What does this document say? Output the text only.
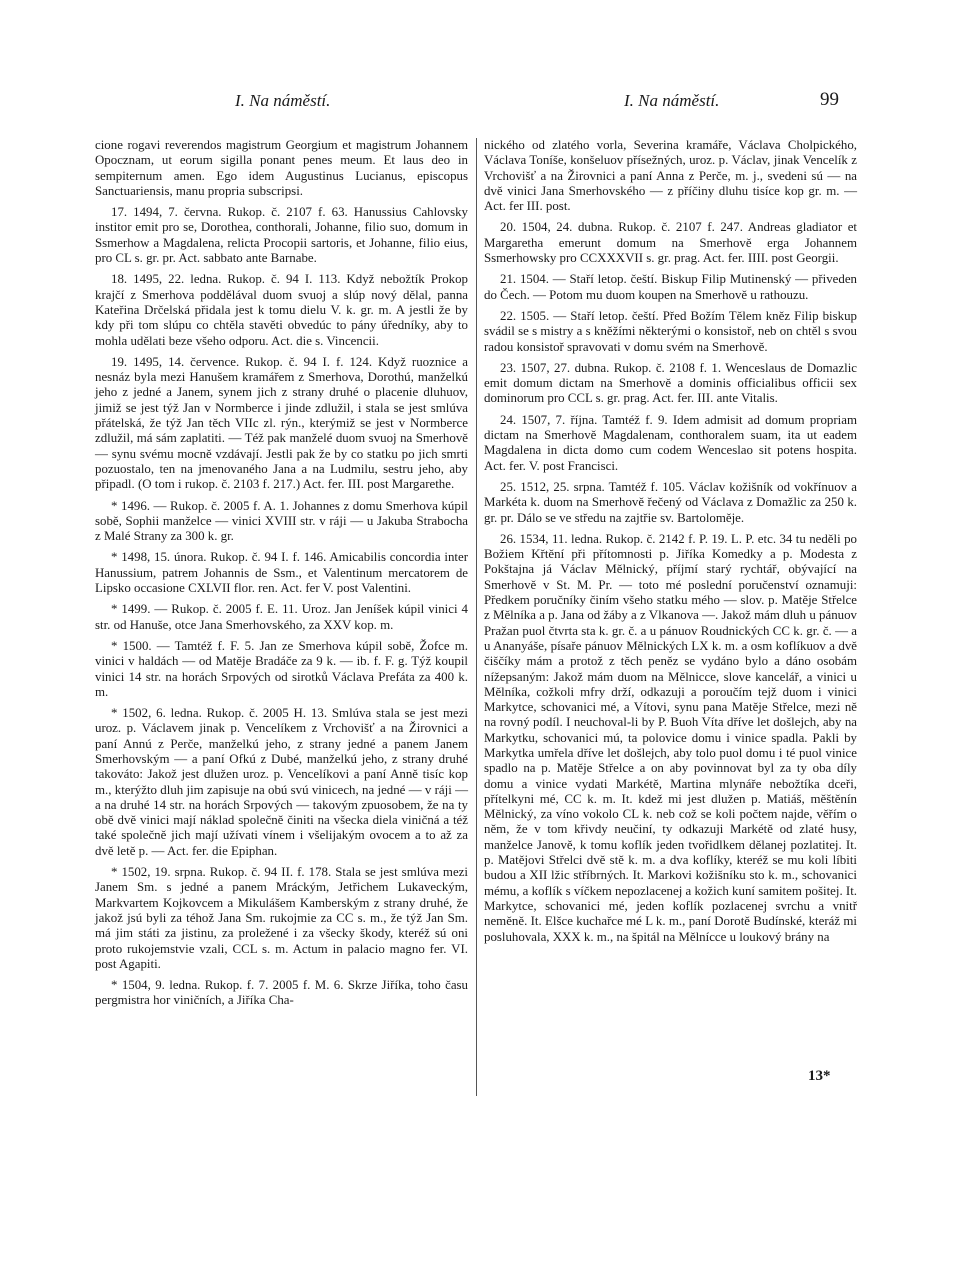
I. Na náměstí.	I. Na náměstí.	99

cione rogavi reverendos magistrum Georgium et magistrum Johannem Opocznam, ut eorum sigilla ponant penes meum. Et laus deo in sempiternum amen. Ego idem Augustinus Lucianus, episcopus Sanctuariensis, manu propria subscripsi.

17. 1494, 7. června. Rukop. č. 2107 f. 63. Hanussius Cahlovsky institor emit pro se, Dorothea, conthorali, Johanne, filio suo, domum in Ssmerhow a Magdalena, relicta Procopii sartoris, et Johanne, filio eius, pro CL s. gr. pr. Act. sabbato ante Barnabe.

18. 1495, 22. ledna. Rukop. č. 94 I. 113. Když nebožtík Prokop krajčí z Smerhova poddělával duom svuoj a slúp nový dělal, panna Kateřina Drčelská přidala jest k tomu dielu V. k. gr. m. A jestli že by kdy při tom slúpu co chtěla stavěti obvedúc to pány úředníky, aby to mohla udělati beze všeho odporu. Act. die s. Vincencii.

19. 1495, 14. července. Rukop. č. 94 I. f. 124. Když ruoznice a nesnáz byla mezi Hanušem kramářem z Smerhova, Dorothú, manželkú jeho z jedné a Janem, synem jich z strany druhé o placenie dluhuov, jimiž se jest týž Jan v Normberce i jinde zdlužil, i stala se jest smlúva přátelská, že týž Jan těch VIIc zl. rýn., kterýmiž se jest v Normberce zdlužil, má sám zaplatiti. — Též pak manželé duom svuoj na Smerhově — synu svému mocně vzdávají. Jestli pak že by co statku po jich smrti pozuostalo, ten na jmenovaného Jana a na Ludmilu, sestru jeho, aby připadl. (O tom i rukop. č. 2103 f. 217.) Act. fer. III. post Margarethe.

* 1496. — Rukop. č. 2005 f. A. 1. Johannes z domu Smerhova kúpil sobě, Sophii manželce — vinici XVIII str. v ráji — u Jakuba Strabocha z Malé Strany za 300 k. gr.

* 1498, 15. února. Rukop. č. 94 I. f. 146. Amicabilis concordia inter Hanussium, patrem Johannis de Ssm., et Valentinum mercatorem de Lipsko occasione CXLVII flor. ren. Act. fer V. post Valentini.

* 1499. — Rukop. č. 2005 f. E. 11. Uroz. Jan Jeníšek kúpil vinici 4 str. od Hanuše, otce Jana Smerhovského, za XXV kop. m.

* 1500. — Tamtéž f. F. 5. Jan ze Smerhova kúpil sobě, Žofce m. vinici v haldách — od Matěje Bradáče za 9 k. — ib. f. F. g. Týž koupil vinici 14 str. na horách Srpových od sirotků Václava Prefáta za 400 k. m.

* 1502, 6. ledna. Rukop. č. 2005 H. 13. Smlúva stala se jest mezi uroz. p. Václavem jinak p. Vencelíkem z Vrchovišť a na Žirovnici a paní Annú z Perče, manželkú jeho, z strany jedné a panem Janem Smerhovským — a paní Ofkú z Dubé, manželkú jeho, z strany druhé takováto: Jakož jest dlužen uroz. p. Vencelíkovi a paní Anně tisíc kop m., kterýžto dluh jim zapisuje na obú svú vinicech, na jedné — v ráji — a na druhé 14 str. na horách Srpových — takovým zpuosobem, že na ty obě dvě vinici mají náklad společně činiti na všecka diela viničná a též také společně jich mají užívati vínem i všelijakým ovocem a to až za dvě letě p. — Act. fer. die Epiphan.

* 1502, 19. srpna. Rukop. č. 94 II. f. 178. Stala se jest smlúva mezi Janem Sm. s jedné a panem Mráckým, Jetřichem Lukaveckým, Markvartem Kojkovcem a Mikulášem Kamberským z strany druhé, že jakož jsú byli za téhož Jana Sm. rukojmie za CC s. m., že týž Jan Sm. má jim státi za jistinu, za proležené i za všecky škody, kteréž sú oni proto rukojemstvie vzali, CCL s. m. Actum in palacio magno fer. VI. post Agapiti.

* 1504, 9. ledna. Rukop. f. 7. 2005 f. M. 6. Skrze Jiříka, toho času pergmistra hor viničních, a Jiříka Cha-

nického od zlatého vorla, Severina kramáře, Václava Cholpického, Václava Toníše, konšeluov přísežných, uroz. p. Václav, jinak Vencelík z Vrchovišť a na Žirovnici a paní Anna z Perče, m. j., svedeni sú — na dvě vinici Jana Smerhovského — z příčiny dluhu tisíce kop gr. m. — Act. fer III. post.

20. 1504, 24. dubna. Rukop. č. 2107 f. 247. Andreas gladiator et Margaretha emerunt domum na Smerhově erga Johannem Ssmerhowsky pro CCXXXVII s. gr. prag. Act. fer. IIII. post Georgii.

21. 1504. — Staří letop. čeští. Biskup Filip Mutinenský — přiveden do Čech. — Potom mu duom koupen na Smerhově u rathouzu.

22. 1505. — Staří letop. čeští. Před Božím Tělem kněz Filip biskup svádil se s mistry a s kněžími některými o konsistoř, neb on chtěl s svou radou konsistoř spravovati v domu svém na Smerhově.

23. 1507, 27. dubna. Rukop. č. 2108 f. 1. Wenceslaus de Domazlic emit domum dictam na Smerhově a dominis officialibus officii sex dominorum pro CCL s. gr. prag. Act. fer. III. ante Vitalis.

24. 1507, 7. října. Tamtéž f. 9. Idem admisit ad domum propriam dictam na Smerhově Magdalenam, conthoralem suam, ita ut eadem Magdalena in dicta domo cum codem Wenceslao sit potens hospita. Act. fer. V. post Francisci.

25. 1512, 25. srpna. Tamtéž f. 105. Václav kožišník od vokřínuov a Markéta k. duom na Smerhově řečený od Václava z Domažlic za 250 k. gr. pr. Dálo se ve středu na zajtřie sv. Bartoloměje.

26. 1534, 11. ledna. Rukop. č. 2142 f. P. 19. L. P. etc. 34 tu neděli po Božiem Křtění při přítomnosti p. Jiříka Komedky a p. Modesta z Pokštajna já Václav Mělnický, příjmí starý rychtář, obývající na Smerhově v St. M. Pr. — toto mé poslední poručenství oznamuji: Předkem poručníky činím všeho statku mého — slov. p. Matěje Střelce z Mělníka a p. Jana od žáby a z Vlkanova —. Jakož mám dluh u pánuov Pražan puol čtvrta sta k. gr. č. a u pánuov Roudnických CC k. gr. č. — a u Ananyáše, písaře pánuov Mělnických LX k. m. a osm koflíkuov a dvě čiščíky mám a protož z těch peněz se vydáno bylo a dáno osobám nížepsaným: Jakož mám duom na Mělnicce, slove kancelář, a vinici u Mělníka, cožkoli mfry drží, odkazuji a poroučím tejž duom i vinici Markytce, schovanici mé, a Vítovi, synu pana Matěje Střelce, mezi ně na rovný podíl. I neuchoval-li by P. Buoh Víta dříve let došlejch, aby na Markytku, schovanici mú, ta polovice domu i vinice spadla. Pakli by Markytka umřela dříve let došlejch, aby tolo puol domu i té puol vinice spadlo na p. Matěje Střelce a on aby povinnovat byl za ty oba díly domu a vinice vydati Markétě, Martina mlynáře nebožtíka dceři, přítelkyni mé, CC k. m. It. kdež mi jest dlužen p. Matiáš, měštěnín Mělnický, za víno vokolo CL k. neb což se koli počtem najde, věřím o něm, že v tom křivdy neučiní, ty odkazuji Markétě od zlaté husy, manželce Janově, k tomu koflík jeden tvořidlkem dělanej pozlatitej. It. p. Matějovi Střelci dvě stě k. m. a dva koflíky, kteréž se mu koli líbiti budou a XII lžic stříbrných. It. Markovi kožišníku sto k. m., schovanici mému, a koflík s víčkem nepozlacenej a kožich kuní samitem pošitej. It. Markytce, schovanici mé, jeden koflík pozlacenej svrchu a vnitř neměně. It. Elšce kuchařce mé L k. m., paní Dorotě Budínské, kteráž mi posluhovala, XXX k. m., na špitál na Mělnícce u loukový brány na

13*
